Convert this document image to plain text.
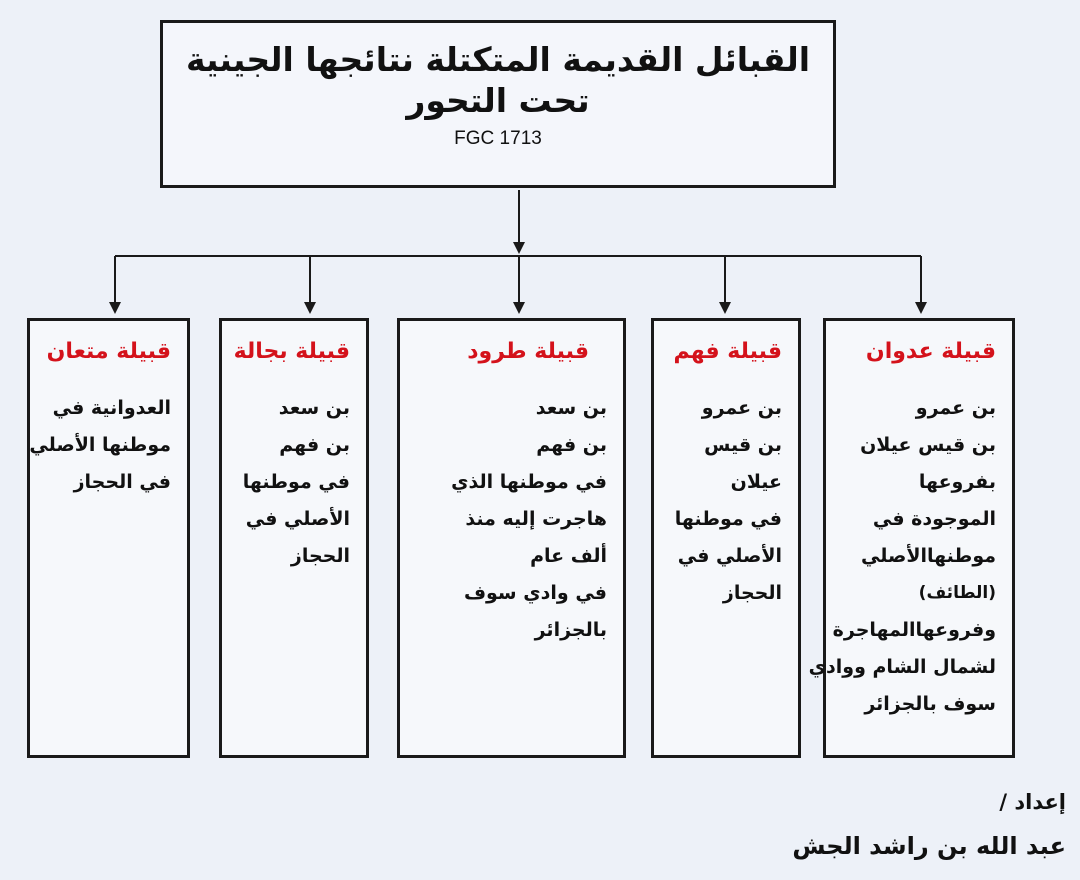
القبائل القديمة المتكتلة نتائجها الجينية
تحت التحور
FGC 1713
قبيلة عدوان
بن عمرو
بن قيس عيلان
بفروعها
الموجودة في
موطنهاالأصلي
(الطائف)
وفروعهاالمهاجرة
لشمال الشام ووادي
سوف بالجزائر
قبيلة فهم
بن عمرو
بن قيس
عيلان
في موطنها
الأصلي في
الحجاز
قبيلة طرود
بن سعد
بن فهم
في موطنها الذي
هاجرت إليه منذ
ألف عام
في وادي سوف
بالجزائر
قبيلة بجالة
بن سعد
بن فهم
في موطنها
الأصلي في
الحجاز
قبيلة متعان
العدوانية في
موطنها الأصلي
في الحجاز
إعداد /
عبد الله بن راشد الجش
